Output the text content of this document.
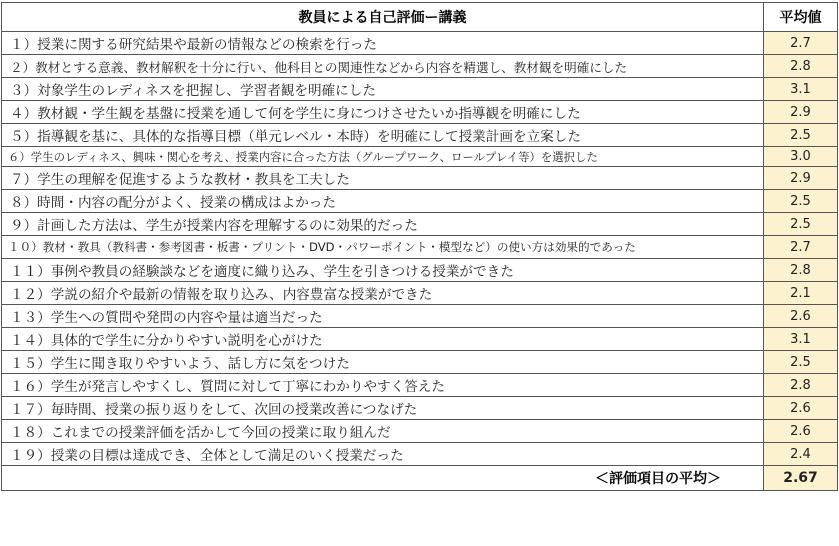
教員による自己評価ー講義	平均値
１）授業に関する研究結果や最新の情報などの検索を行った	2.7
２）教材とする意義、教材解釈を十分に行い、他科目との関連性などから内容を精選し、教材観を明確にした	2.8
３）対象学生のレディネスを把握し、学習者観を明確にした	3.1
４）教材観・学生観を基盤に授業を通して何を学生に身につけさせたいか指導観を明確にした	2.9
５）指導観を基に、具体的な指導目標（単元レベル・本時）を明確にして授業計画を立案した	2.5
６）学生のレディネス、興味・関心を考え、授業内容に合った方法（グループワーク、ロールプレイ等）を選択した	3.0
７）学生の理解を促進するような教材・教具を工夫した	2.9
８）時間・内容の配分がよく、授業の構成はよかった	2.5
９）計画した方法は、学生が授業内容を理解するのに効果的だった	2.5
１０）教材・教具（教科書・参考図書・板書・プリント・DVD・パワーポイント・模型など）の使い方は効果的であった	2.7
１１）事例や教員の経験談などを適度に織り込み、学生を引きつける授業ができた	2.8
１２）学説の紹介や最新の情報を取り込み、内容豊富な授業ができた	2.1
１３）学生への質問や発問の内容や量は適当だった	2.6
１４）具体的で学生に分かりやすい説明を心がけた	3.1
１５）学生に聞き取りやすいよう、話し方に気をつけた	2.5
１６）学生が発言しやすくし、質問に対して丁寧にわかりやすく答えた	2.8
１７）毎時間、授業の振り返りをして、次回の授業改善につなげた	2.6
１８）これまでの授業評価を活かして今回の授業に取り組んだ	2.6
１９）授業の目標は達成でき、全体として満足のいく授業だった	2.4
＜評価項目の平均＞	2.67
